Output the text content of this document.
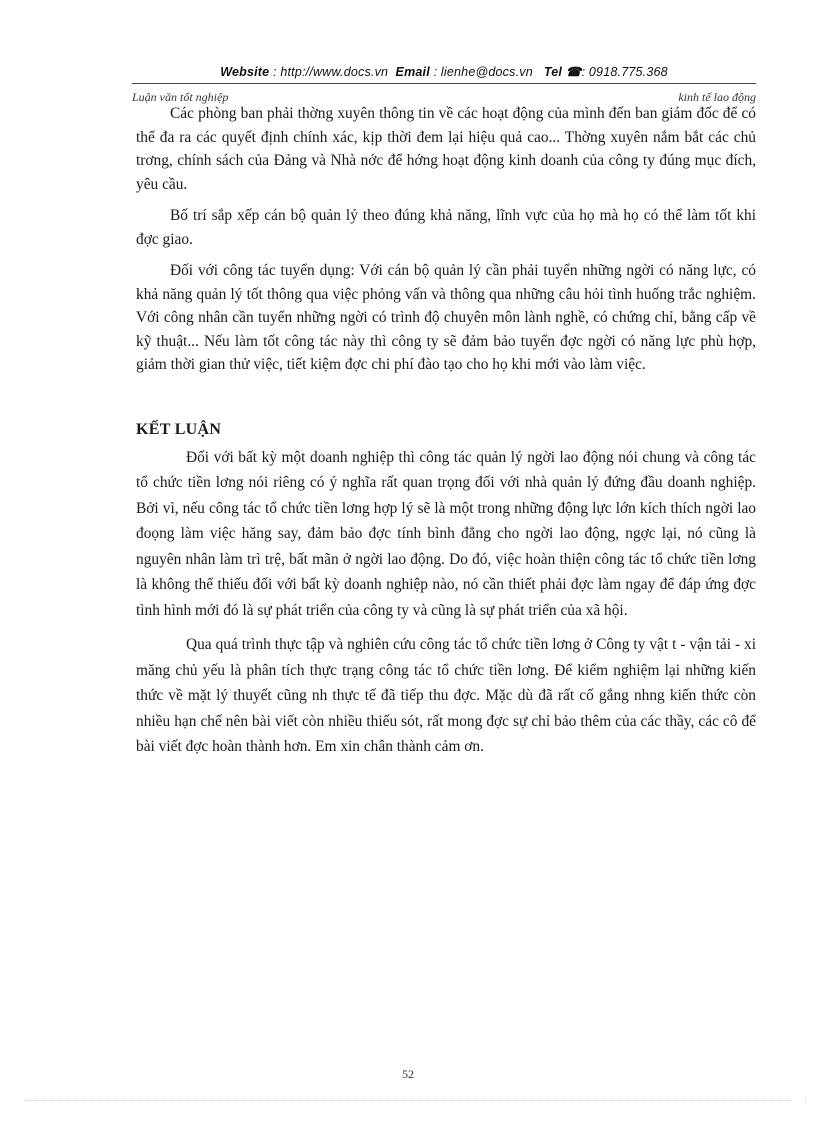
Website : http://www.docs.vn Email : lienhe@docs.vn Tel ☎: 0918.775.368
Luận văn tốt nghiệp	kinh tế lao động

Các phòng ban phải thờng xuyên thông tin về các hoạt động của mình đến ban giám đốc để có thể đa ra các quyết định chính xác, kịp thời đem lại hiệu quả cao... Thờng xuyên nắm bắt các chủ trơng, chính sách của Đảng và Nhà nớc để hớng hoạt động kinh doanh của công ty đúng mục đích, yêu cầu.

Bố trí sắp xếp cán bộ quản lý theo đúng khả năng, lĩnh vực của họ mà họ có thể làm tốt khi đợc giao.

Đối với công tác tuyển dụng: Với cán bộ quản lý cần phải tuyển những ngời có năng lực, có khả năng quản lý tốt thông qua việc phỏng vấn và thông qua những câu hỏi tình huống trắc nghiệm. Với công nhân cần tuyển những ngời có trình độ chuyên môn lành nghề, có chứng chỉ, bằng cấp về kỹ thuật... Nếu làm tốt công tác này thì công ty sẽ đảm bảo tuyển đợc ngời có năng lực phù hợp, giảm thời gian thử việc, tiết kiệm đợc chi phí đào tạo cho họ khi mới vào làm việc.

KẾT LUẬN

Đối với bất kỳ một doanh nghiệp thì công tác quản lý ngời lao động nói chung và công tác tổ chức tiền lơng nói riêng có ý nghĩa rất quan trọng đối với nhà quản lý đứng đầu doanh nghiệp. Bởi vì, nếu công tác tổ chức tiền lơng hợp lý sẽ là một trong những động lực lớn kích thích ngời lao đoọng làm việc hăng say, đảm bảo đợc tính bình đẳng cho ngời lao động, ngợc lại, nó cũng là nguyên nhân làm trì trệ, bất mãn ở ngời lao động. Do đó, việc hoàn thiện công tác tổ chức tiền lơng là không thể thiếu đối với bất kỳ doanh nghiệp nào, nó cần thiết phải đợc làm ngay để đáp ứng đợc tình hình mới đó là sự phát triển của công ty và cũng là sự phát triển của xã hội.

Qua quá trình thực tập và nghiên cứu công tác tổ chức tiền lơng ở Công ty vật t - vận tải - xi măng chủ yếu là phân tích thực trạng công tác tổ chức tiền lơng. Để kiểm nghiệm lại những kiến thức về mặt lý thuyết cũng nh thực tế đã tiếp thu đợc. Mặc dù đã rất cố gắng nhng kiến thức còn nhiều hạn chế nên bài viết còn nhiều thiếu sót, rất mong đợc sự chỉ bảo thêm của các thầy, các cô để bài viết đợc hoàn thành hơn. Em xin chân thành cảm ơn.

52
:
